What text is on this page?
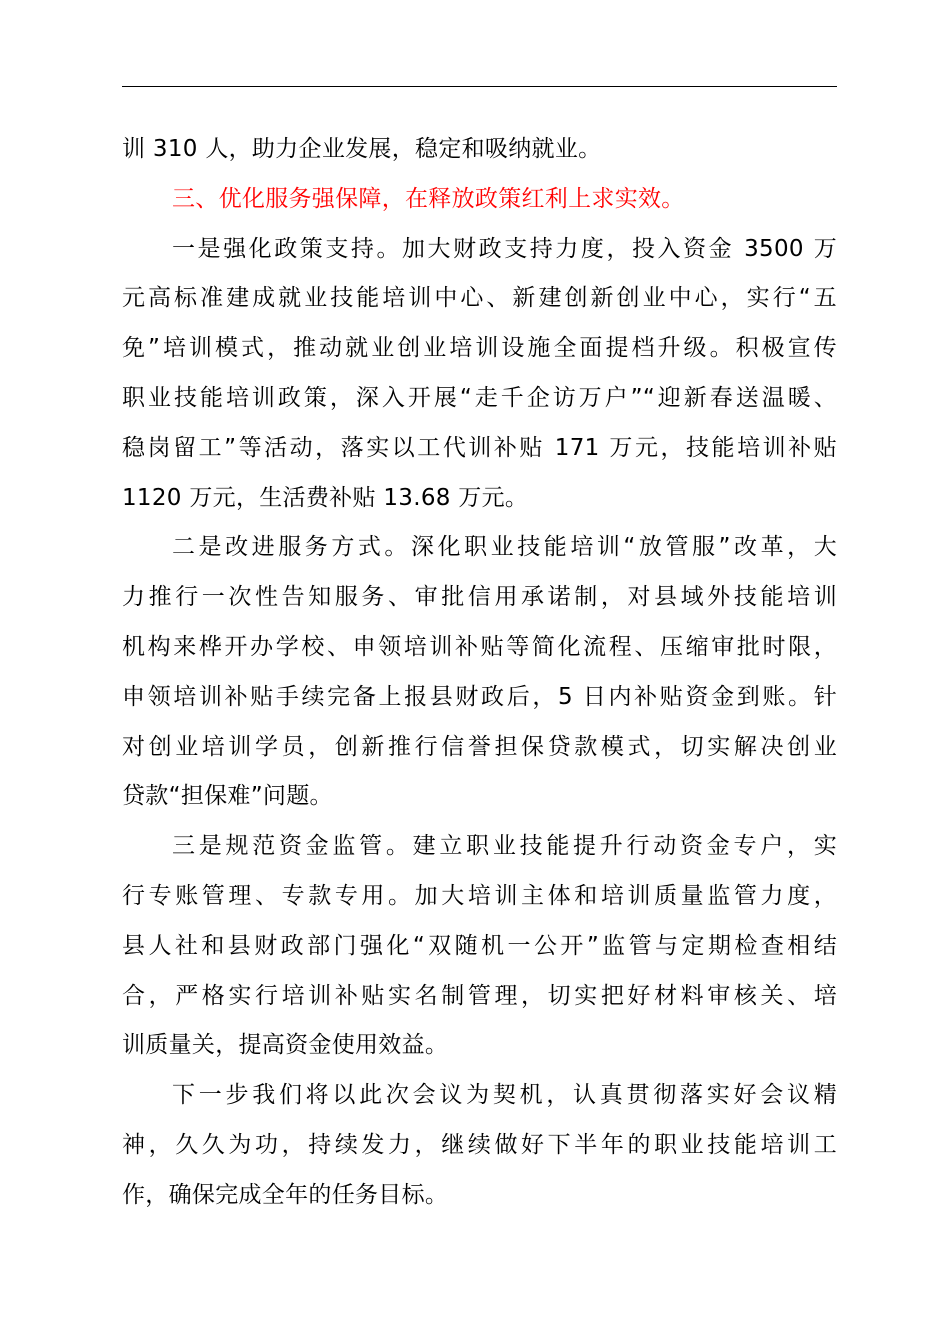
训 310 人，助力企业发展，稳定和吸纳就业。
三、优化服务强保障，在释放政策红利上求实效。
一是强化政策支持。加大财政支持力度，投入资金 3500 万
元高标准建成就业技能培训中心、新建创新创业中心，实行“五
免”培训模式，推动就业创业培训设施全面提档升级。积极宣传
职业技能培训政策，深入开展“走千企访万户”“迎新春送温暖、
稳岗留工”等活动，落实以工代训补贴 171 万元，技能培训补贴
1120 万元，生活费补贴 13.68 万元。
二是改进服务方式。深化职业技能培训“放管服”改革，大
力推行一次性告知服务、审批信用承诺制，对县域外技能培训
机构来桦开办学校、申领培训补贴等简化流程、压缩审批时限，
申领培训补贴手续完备上报县财政后，5 日内补贴资金到账。针
对创业培训学员，创新推行信誉担保贷款模式，切实解决创业
贷款“担保难”问题。
三是规范资金监管。建立职业技能提升行动资金专户，实
行专账管理、专款专用。加大培训主体和培训质量监管力度，
县人社和县财政部门强化“双随机一公开”监管与定期检查相结
合，严格实行培训补贴实名制管理，切实把好材料审核关、培
训质量关，提高资金使用效益。
下一步我们将以此次会议为契机，认真贯彻落实好会议精
神，久久为功，持续发力，继续做好下半年的职业技能培训工
作，确保完成全年的任务目标。
